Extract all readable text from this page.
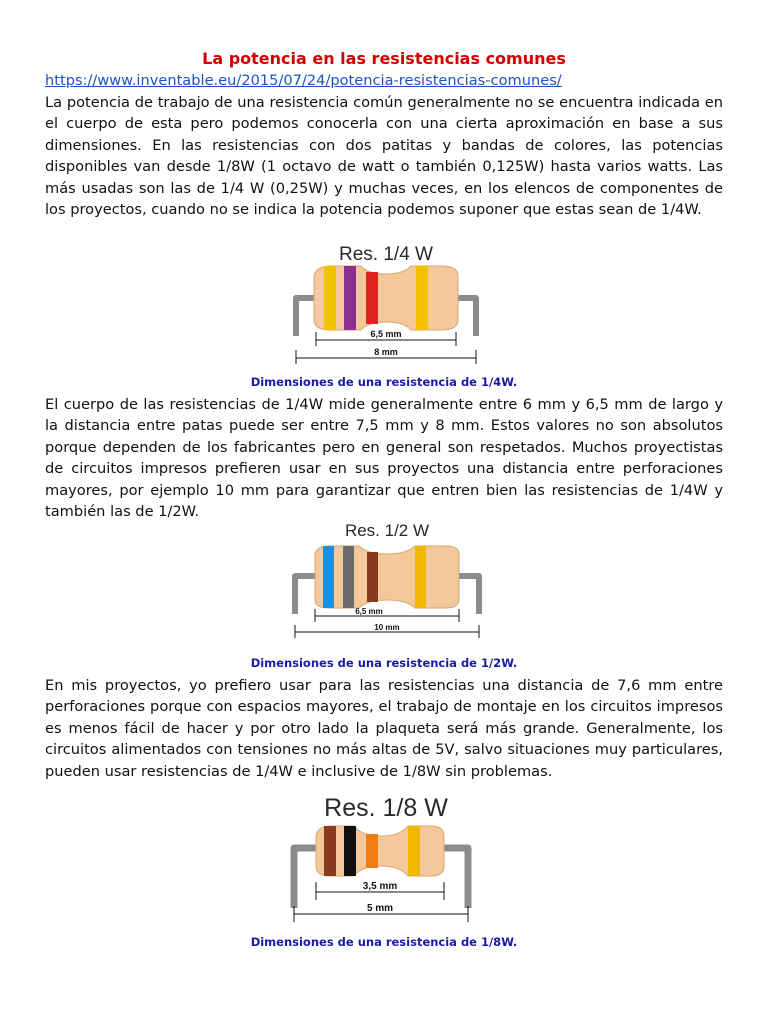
La potencia en las resistencias comunes
https://www.inventable.eu/2015/07/24/potencia-resistencias-comunes/

La potencia de trabajo de una resistencia común generalmente no se encuentra indicada en el cuerpo de esta pero podemos conocerla con una cierta aproximación en base a sus dimensiones. En las resistencias con dos patitas y bandas de colores, las potencias disponibles van desde 1/8W (1 octavo de watt o también 0,125W) hasta varios watts. Las más usadas son las de 1/4 W (0,25W) y muchas veces, en los elencos de componentes de los proyectos, cuando no se indica la potencia podemos suponer que estas sean de 1/4W.

Res. 1/4 W
6,5 mm
8 mm
Dimensiones de una resistencia de 1/4W.

El cuerpo de las resistencias de 1/4W mide generalmente entre 6 mm y 6,5 mm de largo y la distancia entre patas puede ser entre 7,5 mm y 8 mm. Estos valores no son absolutos porque dependen de los fabricantes pero en general son respetados. Muchos proyectistas de circuitos impresos prefieren usar en sus proyectos una distancia entre perforaciones mayores, por ejemplo 10 mm para garantizar que entren bien las resistencias de 1/4W y también las de 1/2W.

Res. 1/2 W
6,5 mm
10 mm
Dimensiones de una resistencia de 1/2W.

En mis proyectos, yo prefiero usar para las resistencias una distancia de 7,6 mm entre perforaciones porque con espacios mayores, el trabajo de montaje en los circuitos impresos es menos fácil de hacer y por otro lado la plaqueta será más grande. Generalmente, los circuitos alimentados con tensiones no más altas de 5V, salvo situaciones muy particulares, pueden usar resistencias de 1/4W e inclusive de 1/8W sin problemas.

Res. 1/8 W
3,5 mm
5 mm
Dimensiones de una resistencia de 1/8W.
